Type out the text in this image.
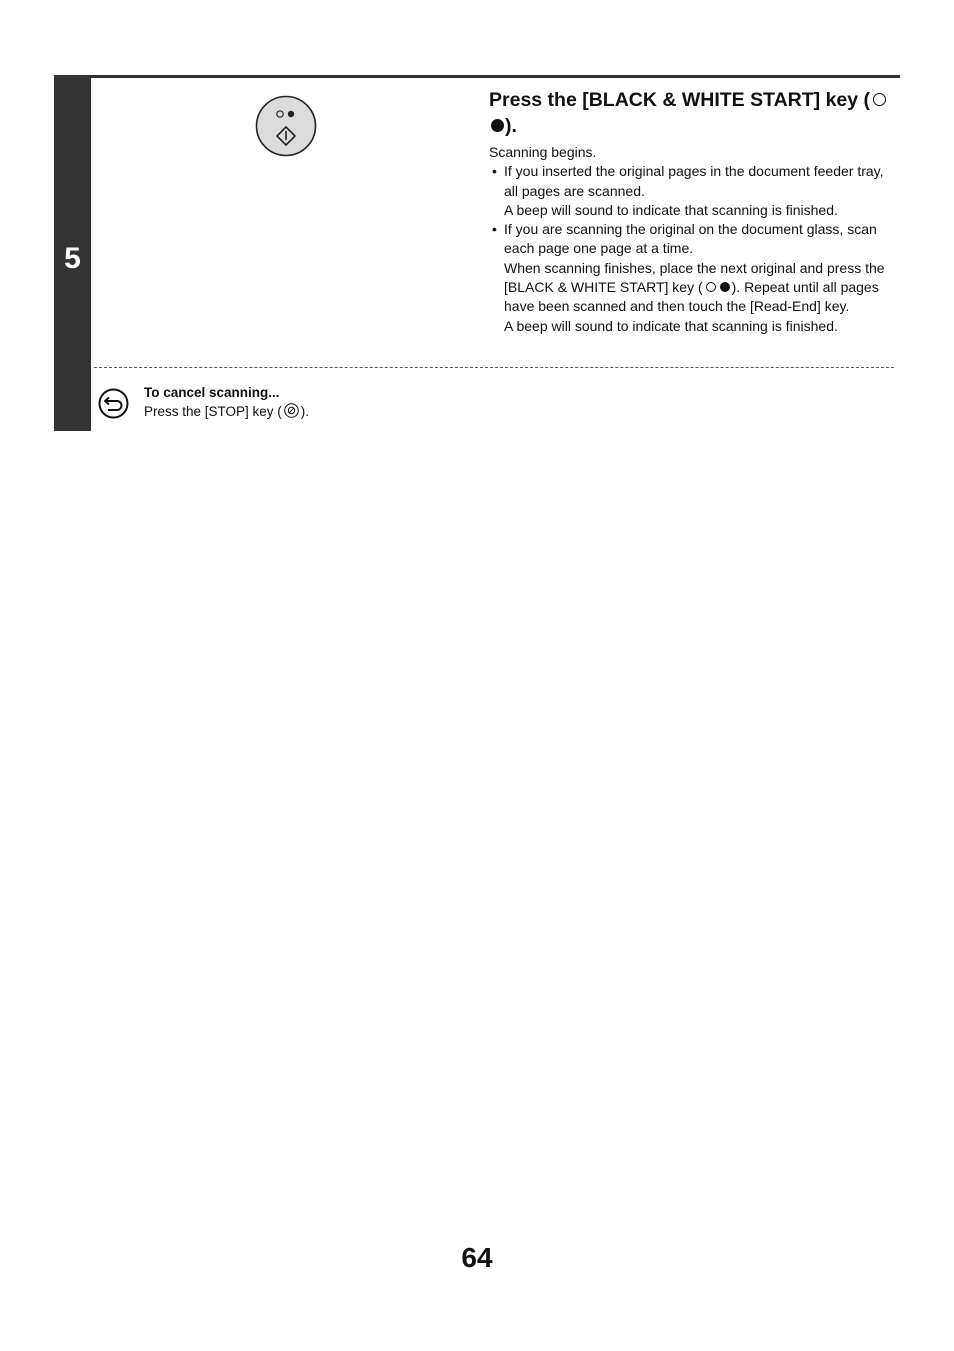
5
Press the [BLACK & WHITE START] key ().
Scanning begins.
• If you inserted the original pages in the document feeder tray, all pages are scanned.
A beep will sound to indicate that scanning is finished.
• If you are scanning the original on the document glass, scan each page one page at a time.
When scanning finishes, place the next original and press the [BLACK & WHITE START] key ( ). Repeat until all pages have been scanned and then touch the [Read-End] key.
A beep will sound to indicate that scanning is finished.
To cancel scanning...
Press the [STOP] key ( ).
64
